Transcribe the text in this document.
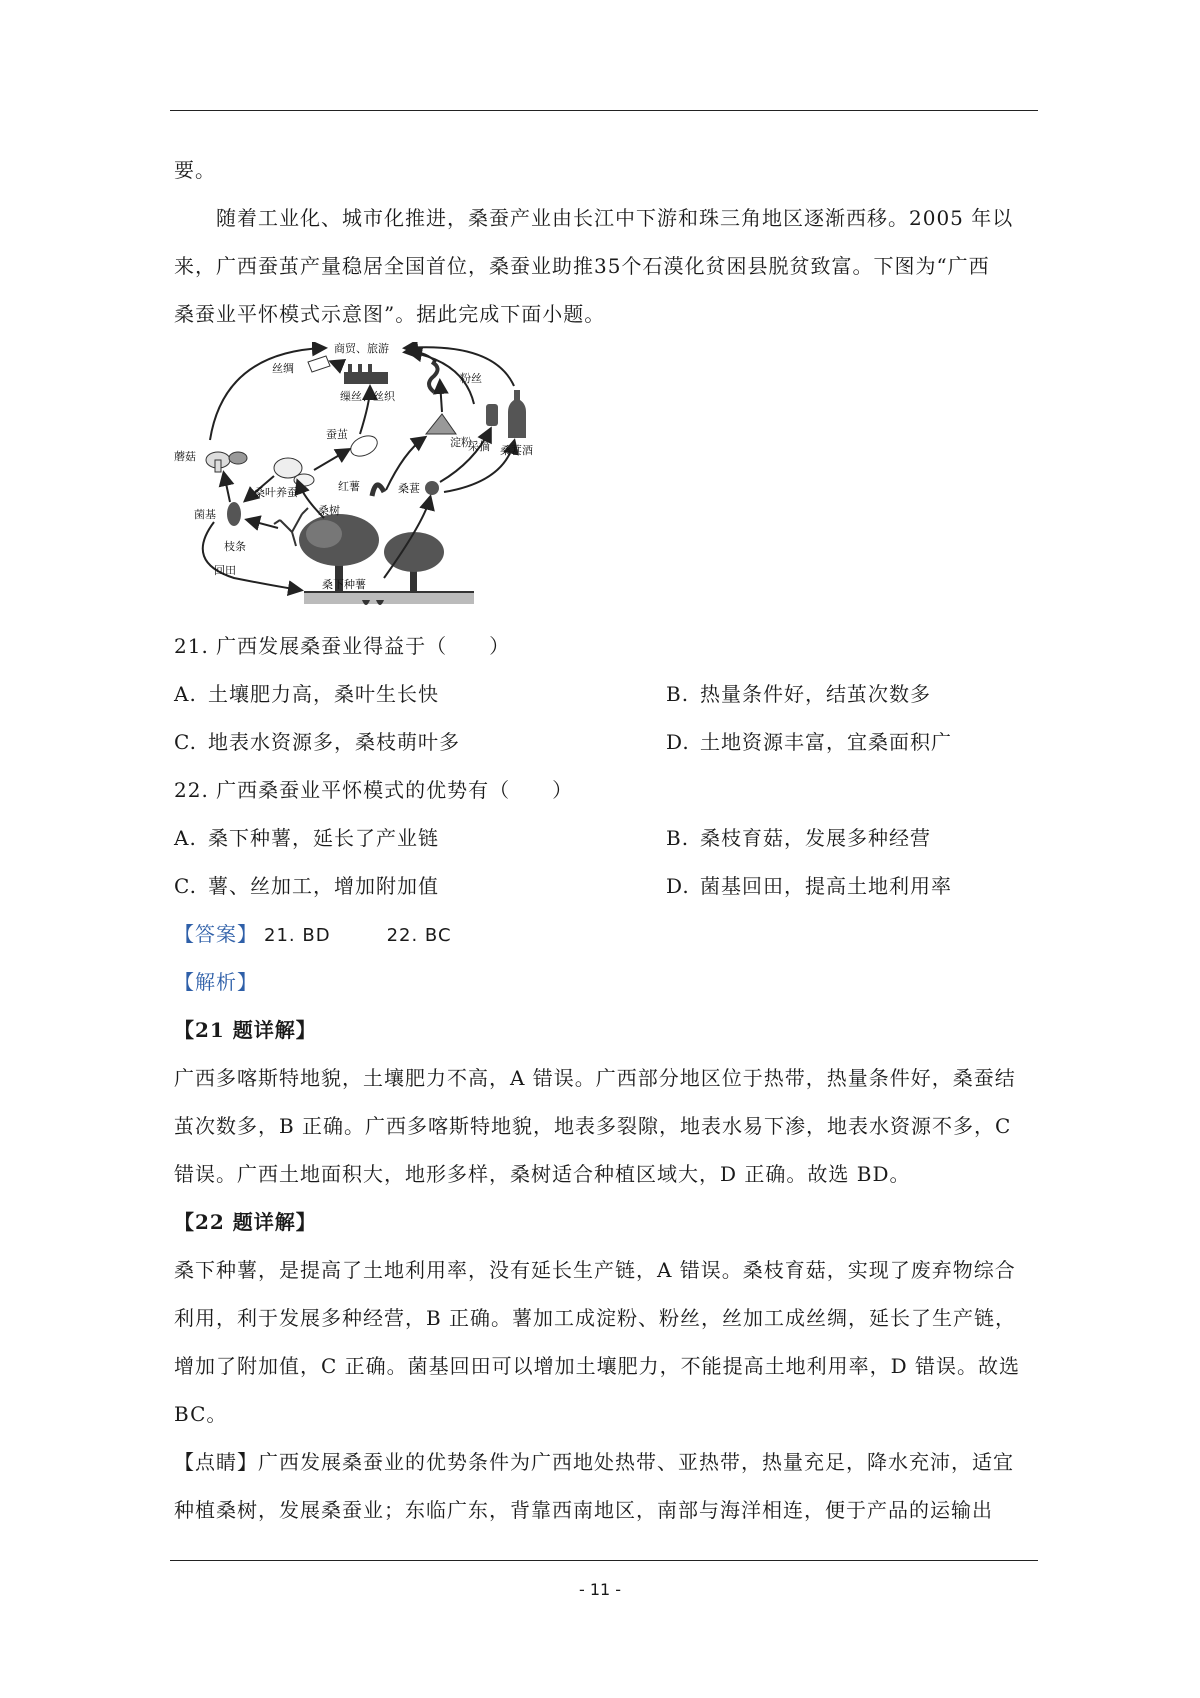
要。
随着工业化、城市化推进，桑蚕产业由长江中下游和珠三角地区逐渐西移。2005 年以
来，广西蚕茧产量稳居全国首位，桑蚕业助推35个石漠化贫困县脱贫致富。下图为“广西
桑蚕业平怀模式示意图”。据此完成下面小题。
商贸、旅游
丝绸
缫丝、丝织
粉丝
蘑菇
菌基
桑叶养蚕
蚕茧
淀粉
采摘 桑葚酒
红薯
桑树
桑葚
枝条
回田
桑下种薯
21. 广西发展桑蚕业得益于（　　）
A. 土壤肥力高，桑叶生长快	B. 热量条件好，结茧次数多
C. 地表水资源多，桑枝萌叶多	D. 土地资源丰富，宜桑面积广
22. 广西桑蚕业平怀模式的优势有（　　）
A. 桑下种薯，延长了产业链	B. 桑枝育菇，发展多种经营
C. 薯、丝加工，增加附加值	D. 菌基回田，提高土地利用率
【答案】 21. BD	22. BC
【解析】
【21 题详解】
广西多喀斯特地貌，土壤肥力不高，A 错误。广西部分地区位于热带，热量条件好，桑蚕结
茧次数多，B 正确。广西多喀斯特地貌，地表多裂隙，地表水易下渗，地表水资源不多，C
错误。广西土地面积大，地形多样，桑树适合种植区域大，D 正确。故选 BD。
【22 题详解】
桑下种薯，是提高了土地利用率，没有延长生产链，A 错误。桑枝育菇，实现了废弃物综合
利用，利于发展多种经营，B 正确。薯加工成淀粉、粉丝，丝加工成丝绸，延长了生产链，
增加了附加值，C 正确。菌基回田可以增加土壤肥力，不能提高土地利用率，D 错误。故选
BC。
【点睛】广西发展桑蚕业的优势条件为广西地处热带、亚热带，热量充足，降水充沛，适宜
种植桑树，发展桑蚕业；东临广东，背靠西南地区，南部与海洋相连，便于产品的运输出
- 11 -
